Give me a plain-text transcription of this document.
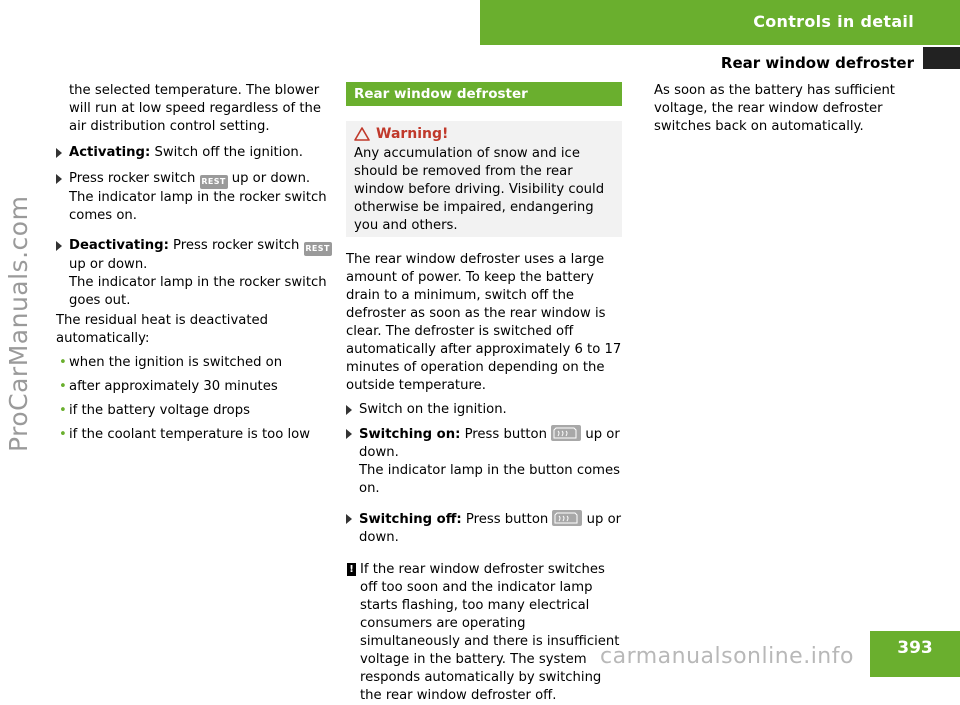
Controls in detail
Rear window defroster
ProCarManuals.com

the selected temperature. The blower will run at low speed regardless of the air distribution control setting.

Activating: Switch off the ignition.
Press rocker switch REST up or down.

The indicator lamp in the rocker switch comes on.

Deactivating: Press rocker switch REST up or down.

The indicator lamp in the rocker switch goes out.

The residual heat is deactivated automatically:

• when the ignition is switched on
• after approximately 30 minutes
• if the battery voltage drops
• if the coolant temperature is too low
Rear window defroster
Warning!

Any accumulation of snow and ice should be removed from the rear window before driving. Visibility could otherwise be impaired, endangering you and others.

The rear window defroster uses a large amount of power. To keep the battery drain to a minimum, switch off the defroster as soon as the rear window is clear. The defroster is switched off automatically after approximately 6 to 17 minutes of operation depending on the outside temperature.

Switch on the ignition.
Switching on: Press button
up or down.

The indicator lamp in the button comes on.

Switching off: Press button
up or down.
! If the rear window defroster switches off too soon and the indicator lamp starts flashing, too many electrical consumers are operating simultaneously and there is insufficient voltage in the battery. The system responds automatically by switching the rear window defroster off.

As soon as the battery has sufficient voltage, the rear window defroster switches back on automatically.

393
carmanualsonline.info
